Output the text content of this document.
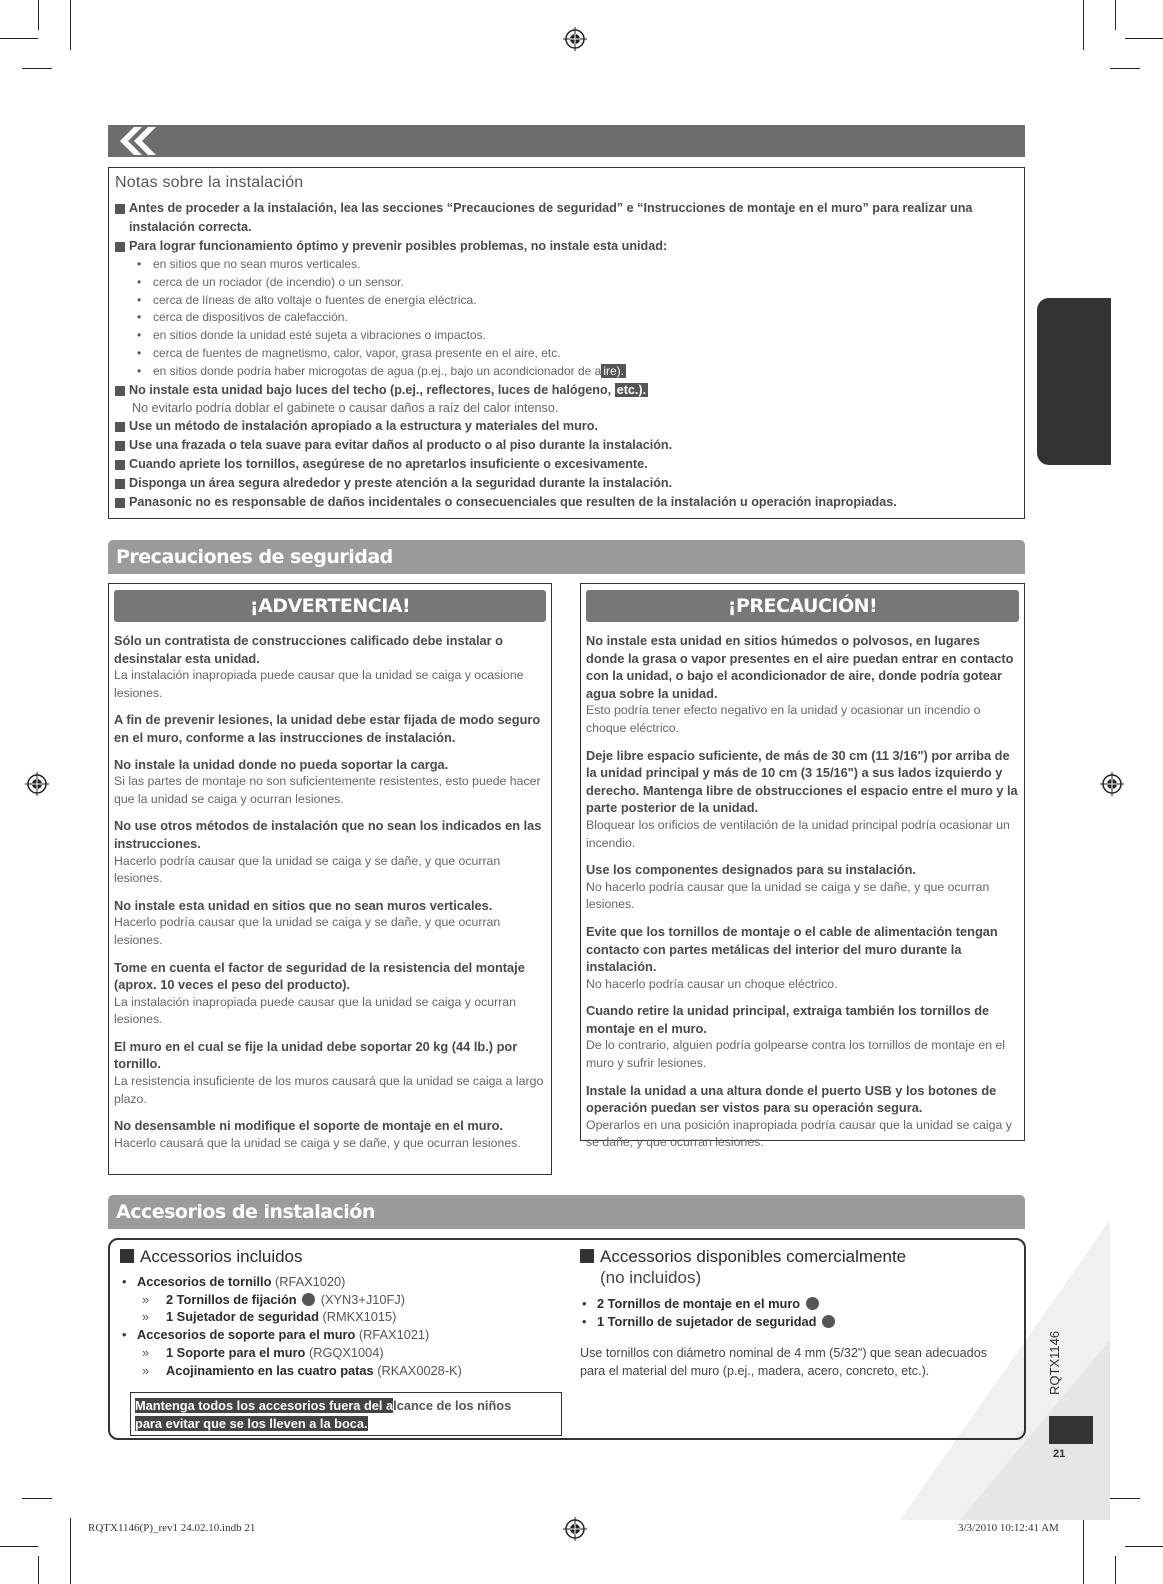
Notas sobre la instalación
Antes de proceder a la instalación, lea las secciones “Precauciones de seguridad” e “Instrucciones de montaje en el muro” para realizar una instalación correcta.
Para lograr funcionamiento óptimo y prevenir posibles problemas, no instale esta unidad:
• en sitios que no sean muros verticales.
• cerca de un rociador (de incendio) o un sensor.
• cerca de líneas de alto voltaje o fuentes de energía eléctrica.
• cerca de dispositivos de calefacción.
• en sitios donde la unidad esté sujeta a vibraciones o impactos.
• cerca de fuentes de magnetismo, calor, vapor, grasa presente en el aire, etc.
• en sitios donde podría haber microgotas de agua (p.ej., bajo un acondicionador de a ire).
No instale esta unidad bajo luces del techo (p.ej., reflectores, luces de halógeno, etc.).
No evitarlo podría doblar el gabinete o causar daños a raíz del calor intenso.
Use un método de instalación apropiado a la estructura y materiales del muro.
Use una frazada o tela suave para evitar daños al producto o al piso durante la instalación.
Cuando apriete los tornillos, asegúrese de no apretarlos insuficiente o excesivamente.
Disponga un área segura alrededor y preste atención a la seguridad durante la instalación.
Panasonic no es responsable de daños incidentales o consecuenciales que resulten de la instalación u operación inapropiadas.
Precauciones de seguridad
¡ADVERTENCIA!
Sólo un contratista de construcciones calificado debe instalar o desinstalar esta unidad.
La instalación inapropiada puede causar que la unidad se caiga y ocasione lesiones.
A fin de prevenir lesiones, la unidad debe estar fijada de modo seguro en el muro, conforme a las instrucciones de instalación.
No instale la unidad donde no pueda soportar la carga.
Si las partes de montaje no son suficientemente resistentes, esto puede hacer que la unidad se caiga y ocurran lesiones.
No use otros métodos de instalación que no sean los indicados en las instrucciones.
Hacerlo podría causar que la unidad se caiga y se dañe, y que ocurran lesiones.
No instale esta unidad en sitios que no sean muros verticales.
Hacerlo podría causar que la unidad se caiga y se dañe, y que ocurran lesiones.
Tome en cuenta el factor de seguridad de la resistencia del montaje (aprox. 10 veces el peso del producto).
La instalación inapropiada puede causar que la unidad se caiga y ocurran lesiones.
El muro en el cual se fije la unidad debe soportar 20 kg (44 lb.) por tornillo.
La resistencia insuficiente de los muros causará que la unidad se caiga a largo plazo.
No desensamble ni modifique el soporte de montaje en el muro.
Hacerlo causará que la unidad se caiga y se dañe, y que ocurran lesiones.
¡PRECAUCIÓN!
No instale esta unidad en sitios húmedos o polvosos, en lugares donde la grasa o vapor presentes en el aire puedan entrar en contacto con la unidad, o bajo el acondicionador de aire, donde podría gotear agua sobre la unidad.
Esto podría tener efecto negativo en la unidad y ocasionar un incendio o choque eléctrico.
Deje libre espacio suficiente, de más de 30 cm (11 3/16") por arriba de la unidad principal y más de 10 cm (3 15/16") a sus lados izquierdo y derecho. Mantenga libre de obstrucciones el espacio entre el muro y la parte posterior de la unidad.
Bloquear los orificios de ventilación de la unidad principal podría ocasionar un incendio.
Use los componentes designados para su instalación.
No hacerlo podría causar que la unidad se caiga y se dañe, y que ocurran lesiones.
Evite que los tornillos de montaje o el cable de alimentación tengan contacto con partes metálicas del interior del muro durante la instalación.
No hacerlo podría causar un choque eléctrico.
Cuando retire la unidad principal, extraiga también los tornillos de montaje en el muro.
De lo contrario, alguien podría golpearse contra los tornillos de montaje en el muro y sufrir lesiones.
Instale la unidad a una altura donde el puerto USB y los botones de operación puedan ser vistos para su operación segura.
Operarlos en una posición inapropiada podría causar que la unidad se caiga y se dañe, y que ocurran lesiones.
Accesorios de instalación
Accessorios incluidos
• Accesorios de tornillo (RFAX1020)
» 2 Tornillos de fijación  (XYN3+J10FJ)
» 1 Sujetador de seguridad (RMKX1015)
• Accesorios de soporte para el muro (RFAX1021)
» 1 Soporte para el muro (RGQX1004)
» Acojinamiento en las cuatro patas (RKAX0028-K)
Mantenga todos los accesorios fuera del alcance de los niños
para evitar que se los lleven a la boca.
Accessorios disponibles comercialmente
(no incluidos)
• 2 Tornillos de montaje en el muro
• 1 Tornillo de sujetador de seguridad
Use tornillos con diámetro nominal de 4 mm (5/32") que sean adecuados para el material del muro (p.ej., madera, acero, concreto, etc.).	RQTX1146
21
RQTX1146(P)_rev1 24.02.10.indb 21	3/3/2010 10:12:41 AM
